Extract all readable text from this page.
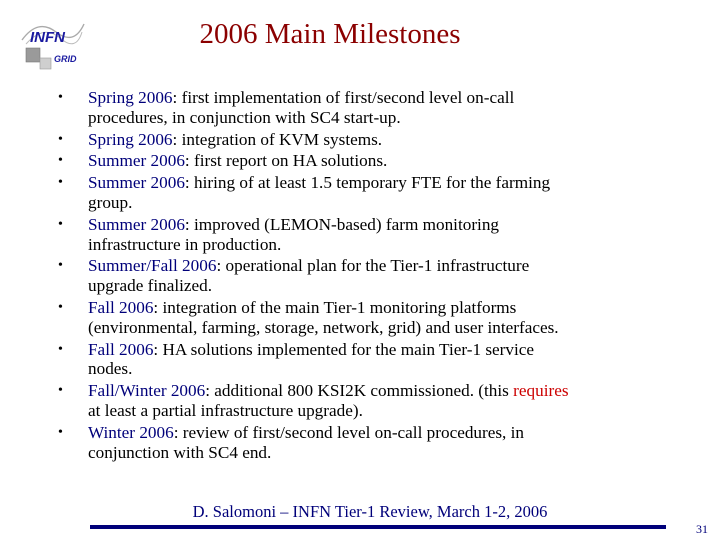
INFN
GRID
2006 Main Milestones
• Spring 2006: first implementation of first/second level on-call
procedures, in conjunction with SC4 start-up.
• Spring 2006: integration of KVM systems.
• Summer 2006: first report on HA solutions.
• Summer 2006: hiring of at least 1.5 temporary FTE for the farming
group.
• Summer 2006: improved (LEMON-based) farm monitoring
infrastructure in production.
• Summer/Fall 2006: operational plan for the Tier-1 infrastructure
upgrade finalized.
• Fall 2006: integration of the main Tier-1 monitoring platforms
(environmental, farming, storage, network, grid) and user interfaces.
• Fall 2006: HA solutions implemented for the main Tier-1 service
nodes.
• Fall/Winter 2006: additional 800 KSI2K commissioned. (this requires
at least a partial infrastructure upgrade).
• Winter 2006: review of first/second level on-call procedures, in
conjunction with SC4 end.
D. Salomoni – INFN Tier-1 Review, March 1-2, 2006
31
